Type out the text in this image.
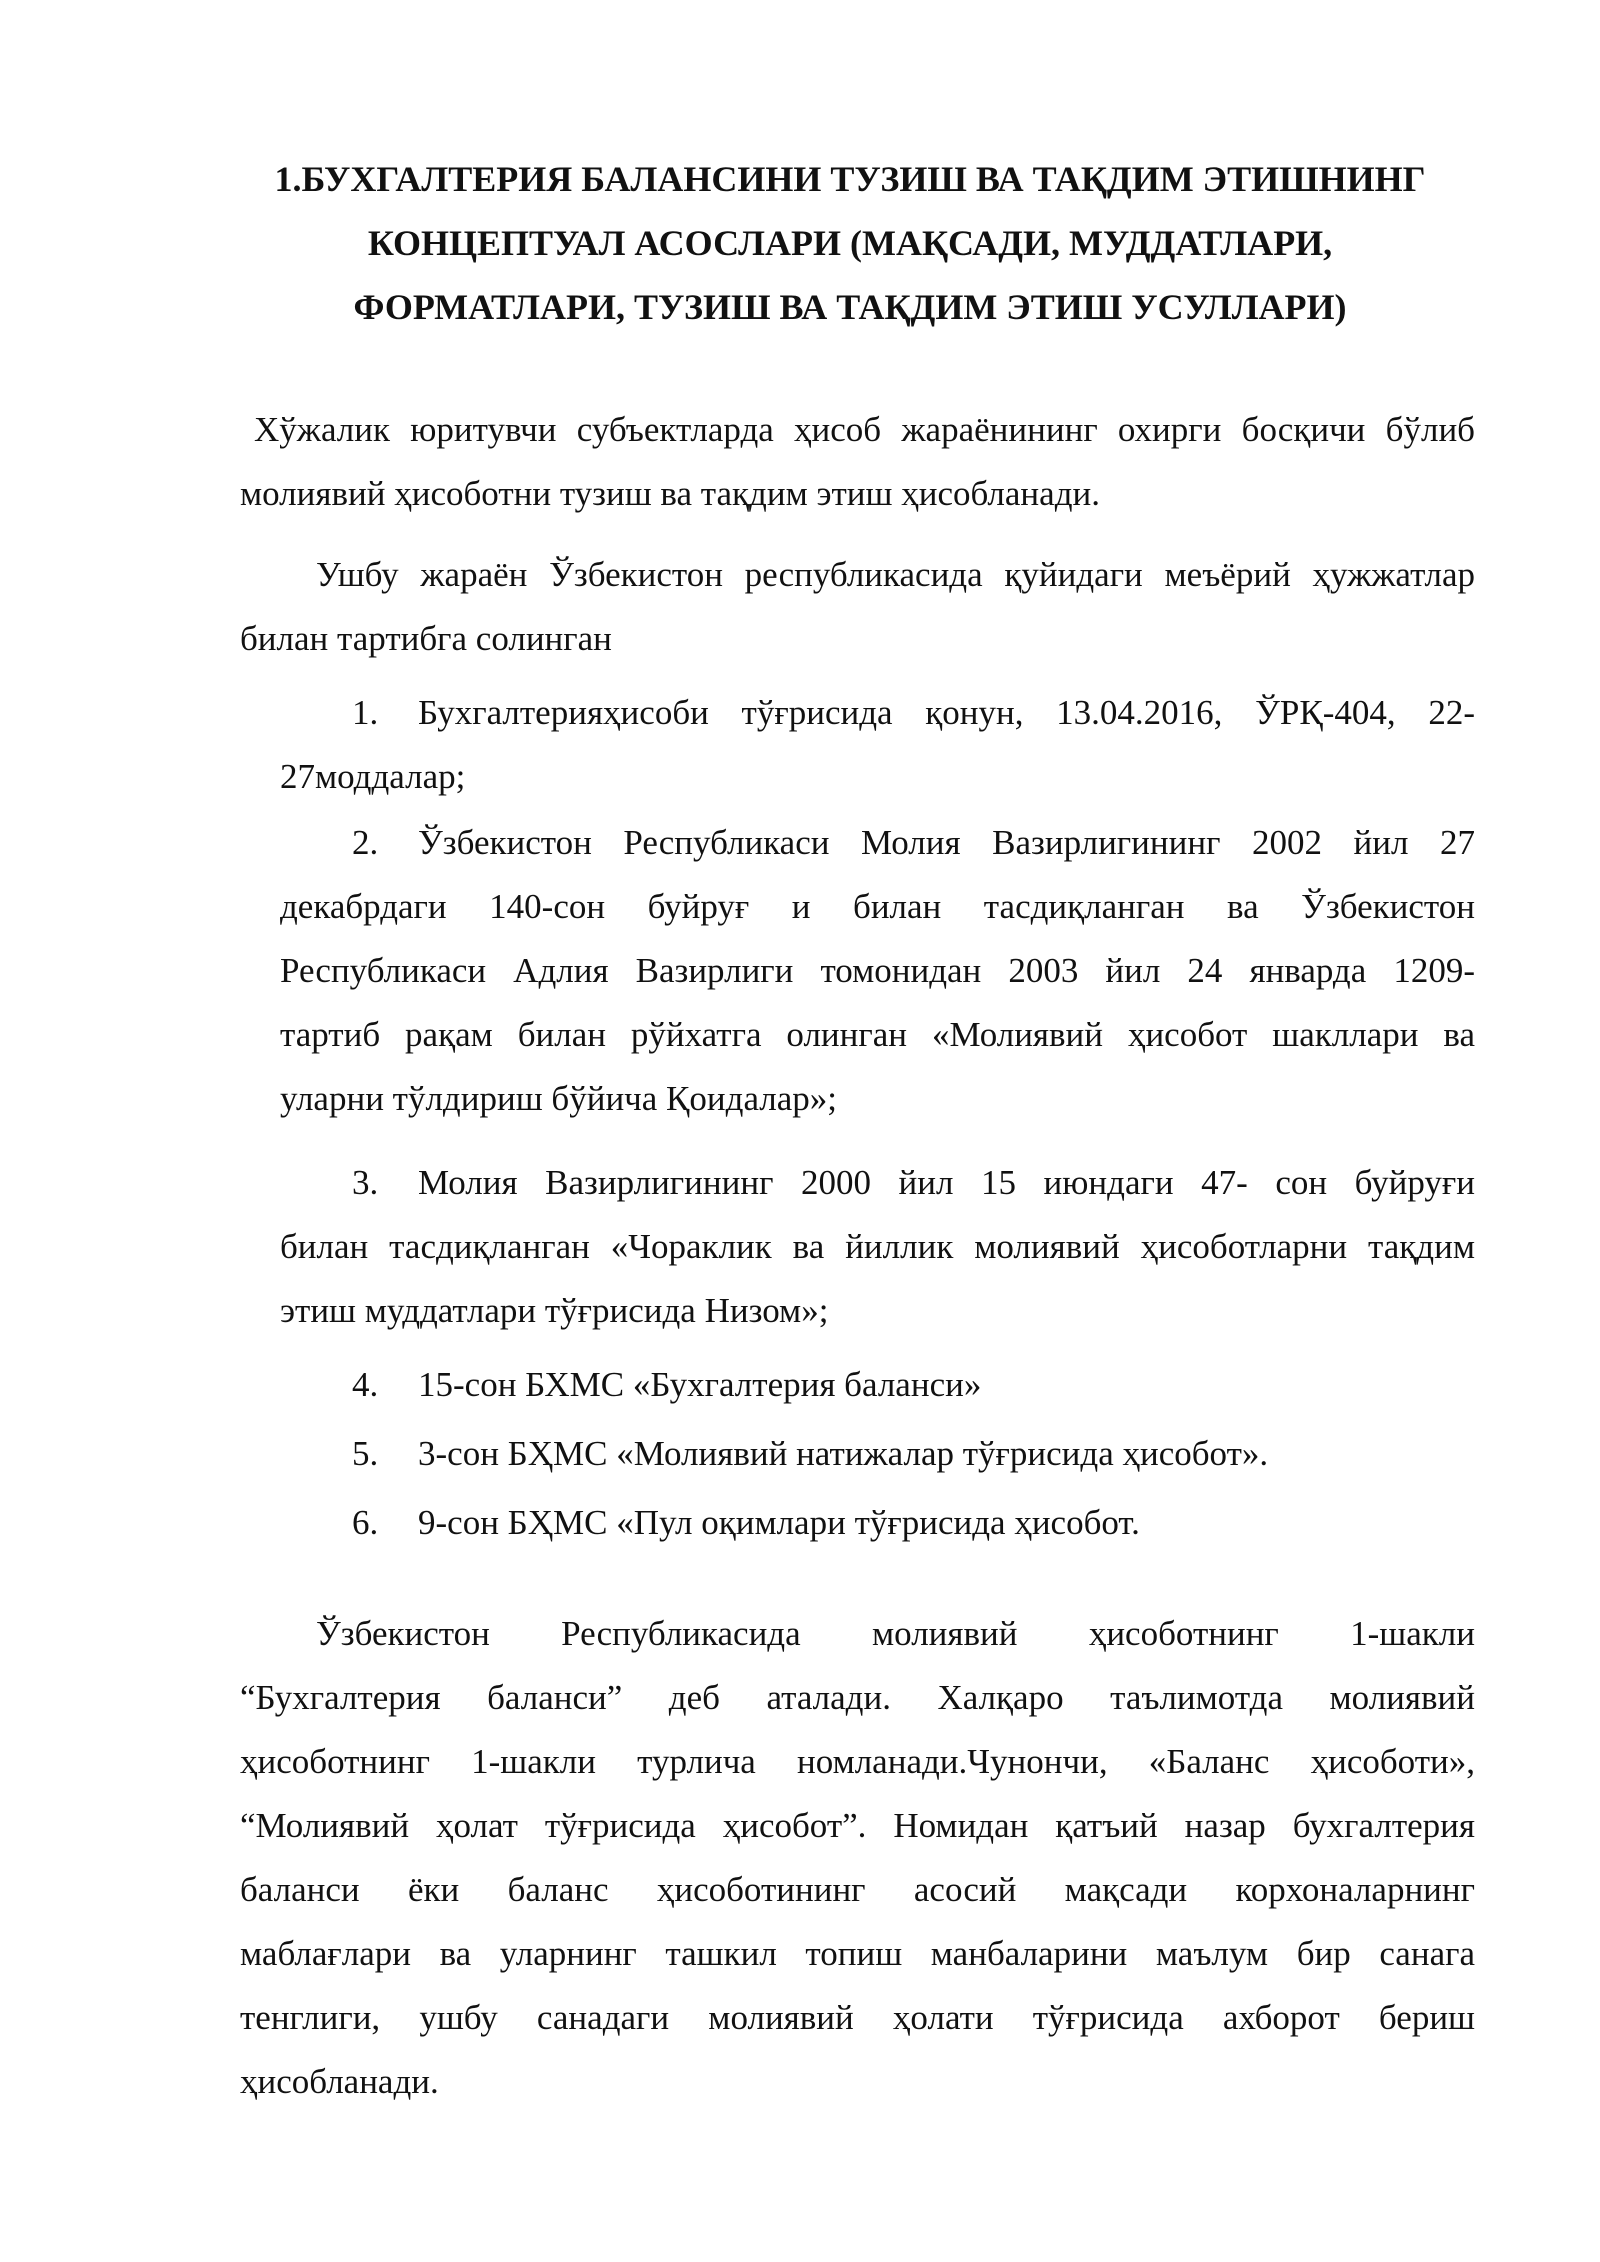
1.БУХГАЛТЕРИЯ БАЛАНСИНИ ТУЗИШ ВА ТАҚДИМ ЭТИШНИНГ
КОНЦЕПТУАЛ АСОСЛАРИ (МАҚСАДИ, МУДДАТЛАРИ,
ФОРМАТЛАРИ, ТУЗИШ ВА ТАҚДИМ ЭТИШ УСУЛЛАРИ)

Хўжалик юритувчи субъектларда ҳисоб жараёнининг охирги босқичи бўлиб
молиявий ҳисоботни тузиш ва тақдим этиш ҳисобланади.

Ушбу жараён Ўзбекистон республикасида қуйидаги меъёрий ҳужжатлар
билан тартибга солинган

1.	Бухгалтерияҳисоби тўғрисида қонун, 13.04.2016, ЎРҚ-404, 22-
27моддалар;
2.	Ўзбекистон Республикаси Молия Вазирлигининг 2002 йил 27
декабрдаги 140-сон буйруғ и билан тасдиқланган ва Ўзбекистон
Республикаси Адлия Вазирлиги томонидан 2003 йил 24 январда 1209-
тартиб рақам билан рўйхатга олинган «Молиявий ҳисобот шакллари ва
уларни тўлдириш бўйича Қоидалар»;
3.	Молия Вазирлигининг 2000 йил 15 июндаги 47- сон буйруғи
билан тасдиқланган «Чораклик ва йиллик молиявий ҳисоботларни тақдим
этиш муддатлари тўғрисида Низом»;
4.	15-сон БХМС «Бухгалтерия баланси»
5.	3-сон БҲМС «Молиявий натижалар тўғрисида ҳисобот».
6.	9-сон БҲМС «Пул оқимлари тўғрисида ҳисобот.

Ўзбекистон Республикасида молиявий ҳисоботнинг 1-шакли
“Бухгалтерия баланси” деб аталади. Халқаро таълимотда молиявий
ҳисоботнинг 1-шакли турлича номланади.Чунончи, «Баланс ҳисоботи»,
“Молиявий ҳолат тўғрисида ҳисобот”. Номидан қатъий назар бухгалтерия
баланси ёки баланс ҳисоботининг асосий мақсади корхоналарнинг
маблағлари ва уларнинг ташкил топиш манбаларини маълум бир санага
тенглиги, ушбу санадаги молиявий ҳолати тўғрисида ахборот бериш
ҳисобланади.
